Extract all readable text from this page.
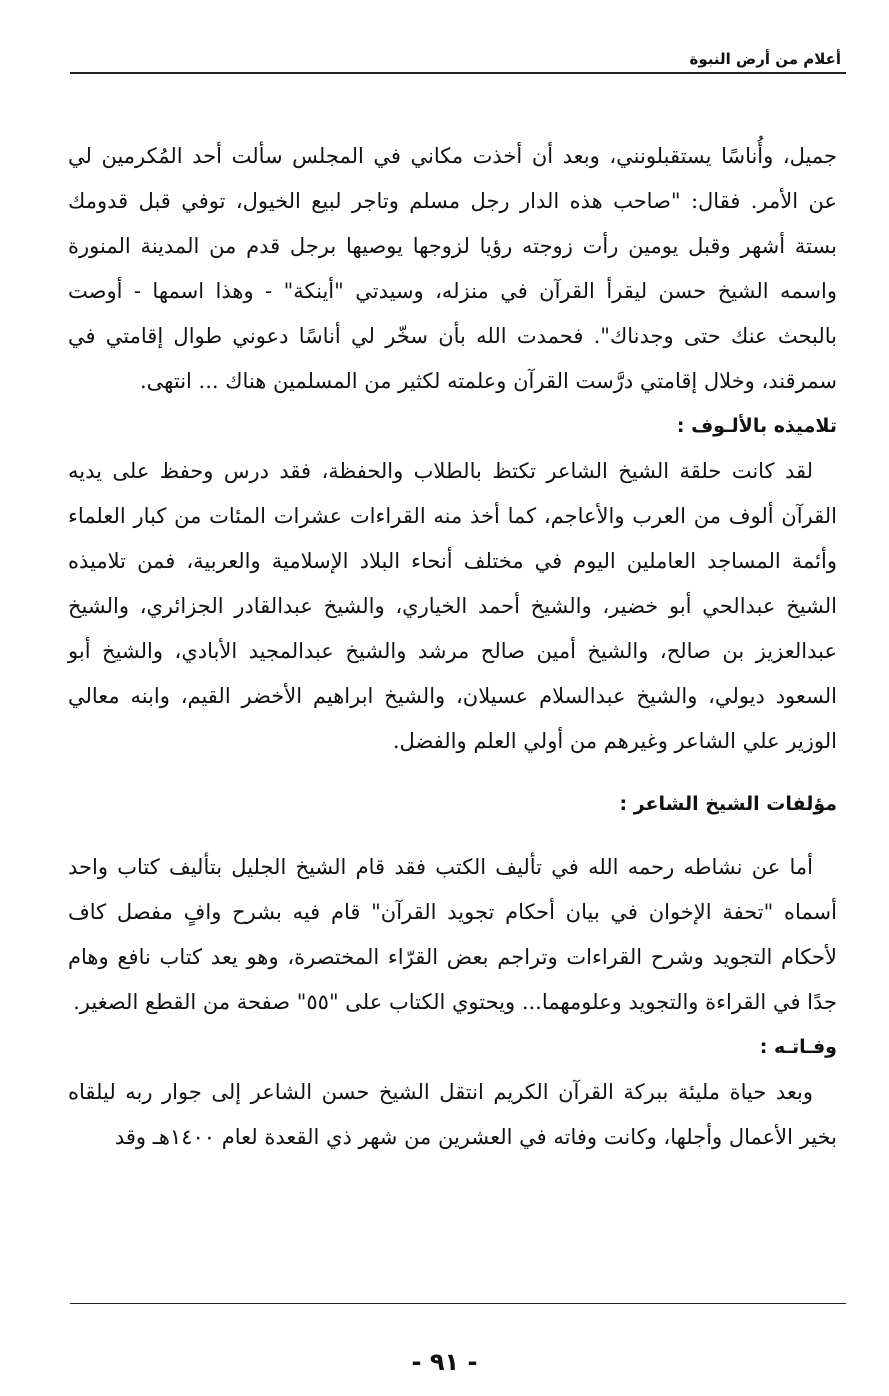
أعلام من أرض النبوة

جميل، وأُناسًا يستقبلونني، وبعد أن أخذت مكاني في المجلس سألت أحد المُكرمين لي عن الأمر. فقال: "صاحب هذه الدار رجل مسلم وتاجر لبيع الخيول، توفي قبل قدومك بستة أشهر وقبل يومين رأت زوجته رؤيا لزوجها يوصيها برجل قدم من المدينة المنورة واسمه الشيخ حسن ليقرأ القرآن في منزله، وسيدتي "أينكة" - وهذا اسمها - أوصت بالبحث عنك حتى وجدناك". فحمدت الله بأن سخّر لي أناسًا دعوني طوال إقامتي في سمرقند، وخلال إقامتي درَّست القرآن وعلمته لكثير من المسلمين هناك ... انتهى.

تلاميذه بالألـوف :

لقد كانت حلقة الشيخ الشاعر تكتظ بالطلاب والحفظة، فقد درس وحفظ على يديه القرآن ألوف من العرب والأعاجم، كما أخذ منه القراءات عشرات المئات من كبار العلماء وأئمة المساجد العاملين اليوم في مختلف أنحاء البلاد الإسلامية والعربية، فمن تلاميذه الشيخ عبدالحي أبو خضير، والشيخ أحمد الخياري، والشيخ عبدالقادر الجزائري، والشيخ عبدالعزيز بن صالح، والشيخ أمين صالح مرشد والشيخ عبدالمجيد الأبادي، والشيخ أبو السعود ديولي، والشيخ عبدالسلام عسيلان، والشيخ ابراهيم الأخضر القيم، وابنه معالي الوزير علي الشاعر وغيرهم من أولي العلم والفضل.

مؤلفات الشيخ الشاعر :

أما عن نشاطه رحمه الله في تأليف الكتب فقد قام الشيخ الجليل بتأليف كتاب واحد أسماه "تحفة الإخوان في بيان أحكام تجويد القرآن" قام فيه بشرح وافٍ مفصل كاف لأحكام التجويد وشرح القراءات وتراجم بعض القرّاء المختصرة، وهو يعد كتاب نافع وهام جدًا في القراءة والتجويد وعلومهما... ويحتوي الكتاب على "٥٥" صفحة من القطع الصغير.

وفـاتـه :

وبعد حياة مليئة ببركة القرآن الكريم انتقل الشيخ حسن الشاعر إلى جوار ربه ليلقاه بخير الأعمال وأجلها، وكانت وفاته في العشرين من شهر ذي القعدة لعام ١٤٠٠هـ وقد

- ٩١ -
